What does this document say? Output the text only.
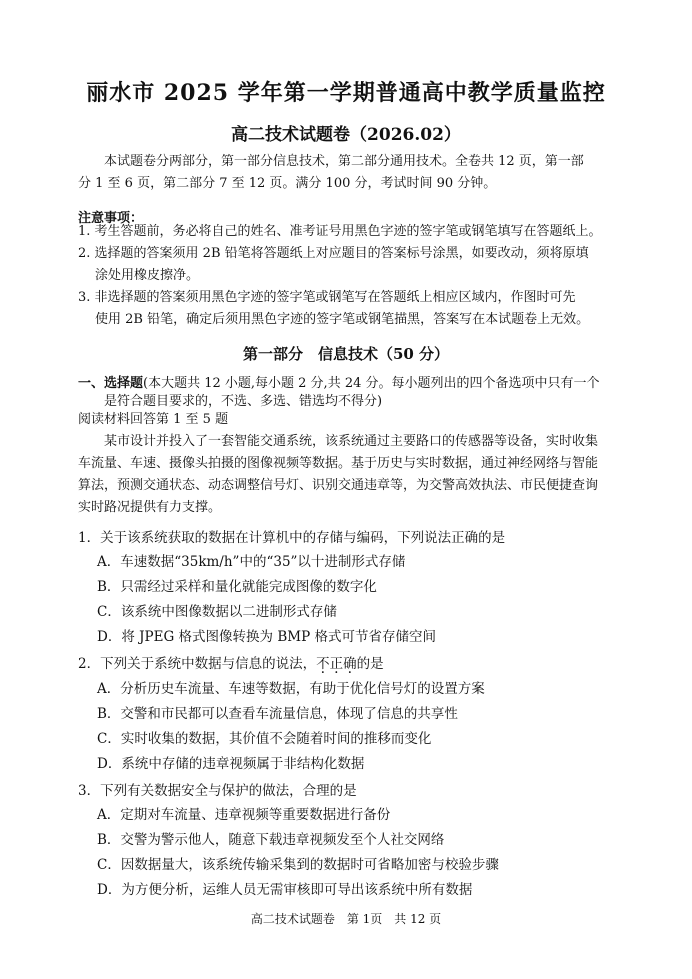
丽水市 2025 学年第一学期普通高中教学质量监控
高二技术试题卷（2026.02）
本试题卷分两部分，第一部分信息技术，第二部分通用技术。全卷共 12 页，第一部
分 1 至 6 页，第二部分 7 至 12 页。满分 100 分，考试时间 90 分钟。
注意事项：
1. 考生答题前，务必将自己的姓名、准考证号用黑色字迹的签字笔或钢笔填写在答题纸上。
2. 选择题的答案须用 2B 铅笔将答题纸上对应题目的答案标号涂黑，如要改动，须将原填
涂处用橡皮擦净。
3. 非选择题的答案须用黑色字迹的签字笔或钢笔写在答题纸上相应区域内，作图时可先
使用 2B 铅笔，确定后须用黑色字迹的签字笔或钢笔描黑，答案写在本试题卷上无效。
第一部分　信息技术（50 分）
一、选择题(本大题共 12 小题,每小题 2 分,共 24 分。每小题列出的四个备选项中只有一个
是符合题目要求的，不选、多选、错选均不得分)
阅读材料回答第 1 至 5 题
某市设计并投入了一套智能交通系统，该系统通过主要路口的传感器等设备，实时收集
车流量、车速、摄像头拍摄的图像视频等数据。基于历史与实时数据，通过神经网络与智能
算法，预测交通状态、动态调整信号灯、识别交通违章等，为交警高效执法、市民便捷查询
实时路况提供有力支撑。
1．关于该系统获取的数据在计算机中的存储与编码，下列说法正确的是
A．车速数据“35km/h”中的“35”以十进制形式存储
B．只需经过采样和量化就能完成图像的数字化
C．该系统中图像数据以二进制形式存储
D．将 JPEG 格式图像转换为 BMP 格式可节省存储空间
2．下列关于系统中数据与信息的说法，不正确的是
A．分析历史车流量、车速等数据，有助于优化信号灯的设置方案
B．交警和市民都可以查看车流量信息，体现了信息的共享性
C．实时收集的数据，其价值不会随着时间的推移而变化
D．系统中存储的违章视频属于非结构化数据
3．下列有关数据安全与保护的做法，合理的是
A．定期对车流量、违章视频等重要数据进行备份
B．交警为警示他人，随意下载违章视频发至个人社交网络
C．因数据量大，该系统传输采集到的数据时可省略加密与校验步骤
D．为方便分析，运维人员无需审核即可导出该系统中所有数据
高二技术试题卷　第 1页　共 12 页
